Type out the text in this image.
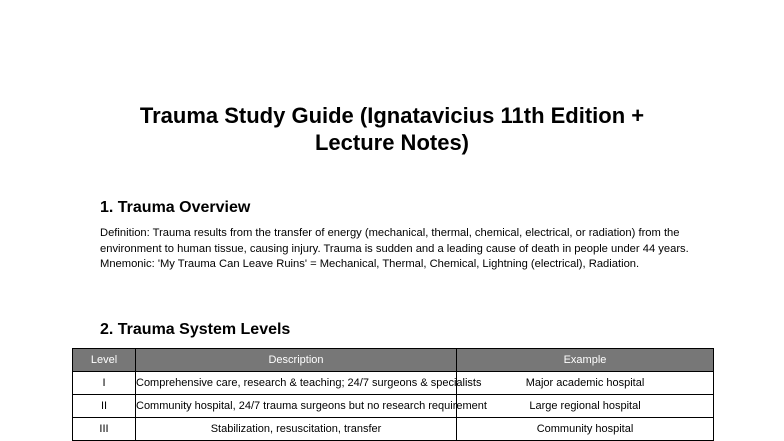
Trauma Study Guide (Ignatavicius 11th Edition + Lecture Notes)
1. Trauma Overview

Definition: Trauma results from the transfer of energy (mechanical, thermal, chemical, electrical, or radiation) from the environment to human tissue, causing injury. Trauma is sudden and a leading cause of death in people under 44 years. Mnemonic: 'My Trauma Can Leave Ruins' = Mechanical, Thermal, Chemical, Lightning (electrical), Radiation.

2. Trauma System Levels
Level	Description	Example
I	Comprehensive care, research & teaching; 24/7 surgeons & specialists	Major academic hospital
II	Community hospital, 24/7 trauma surgeons but no research requirement	Large regional hospital
III	Stabilization, resuscitation, transfer	Community hospital
